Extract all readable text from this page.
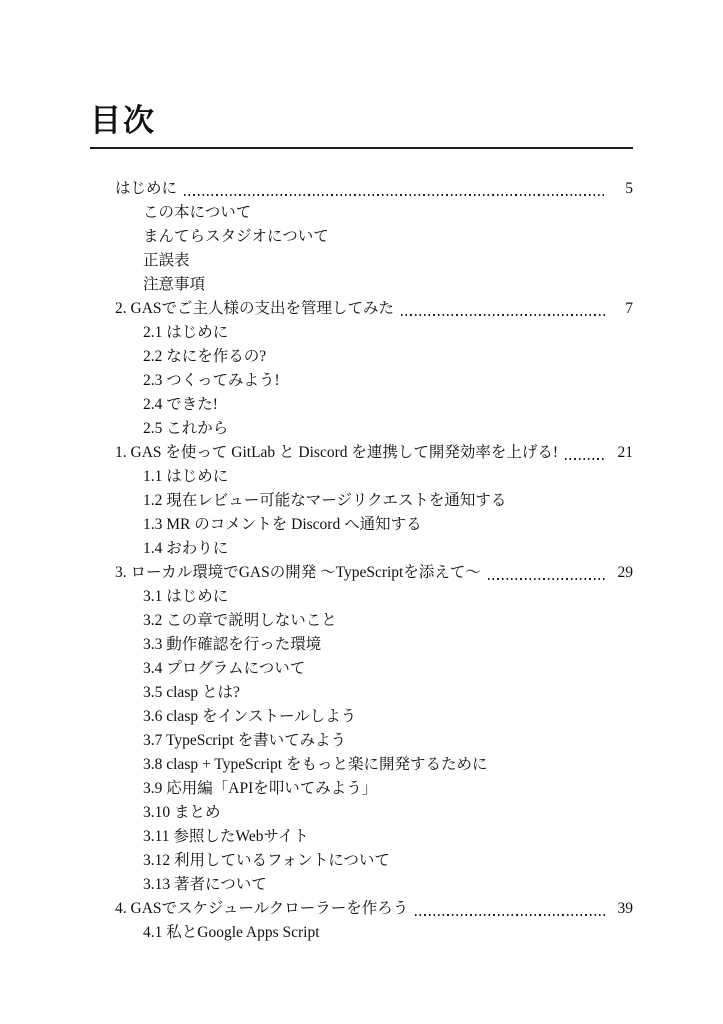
目次
はじめに	5
この本について
まんてらスタジオについて
正誤表
注意事項
2. GASでご主人様の支出を管理してみた	7
2.1 はじめに
2.2 なにを作るの?
2.3 つくってみよう!
2.4 できた!
2.5 これから
1. GAS を使って GitLab と Discord を連携して開発効率を上げる!	21
1.1 はじめに
1.2 現在レビュー可能なマージリクエストを通知する
1.3 MR のコメントを Discord へ通知する
1.4 おわりに
3. ローカル環境でGASの開発 〜TypeScriptを添えて〜	29
3.1 はじめに
3.2 この章で説明しないこと
3.3 動作確認を行った環境
3.4 プログラムについて
3.5 clasp とは?
3.6 clasp をインストールしよう
3.7 TypeScript を書いてみよう
3.8 clasp + TypeScript をもっと楽に開発するために
3.9 応用編「APIを叩いてみよう」
3.10 まとめ
3.11 参照したWebサイト
3.12 利用しているフォントについて
3.13 著者について
4. GASでスケジュールクローラーを作ろう	39
4.1 私とGoogle Apps Script
